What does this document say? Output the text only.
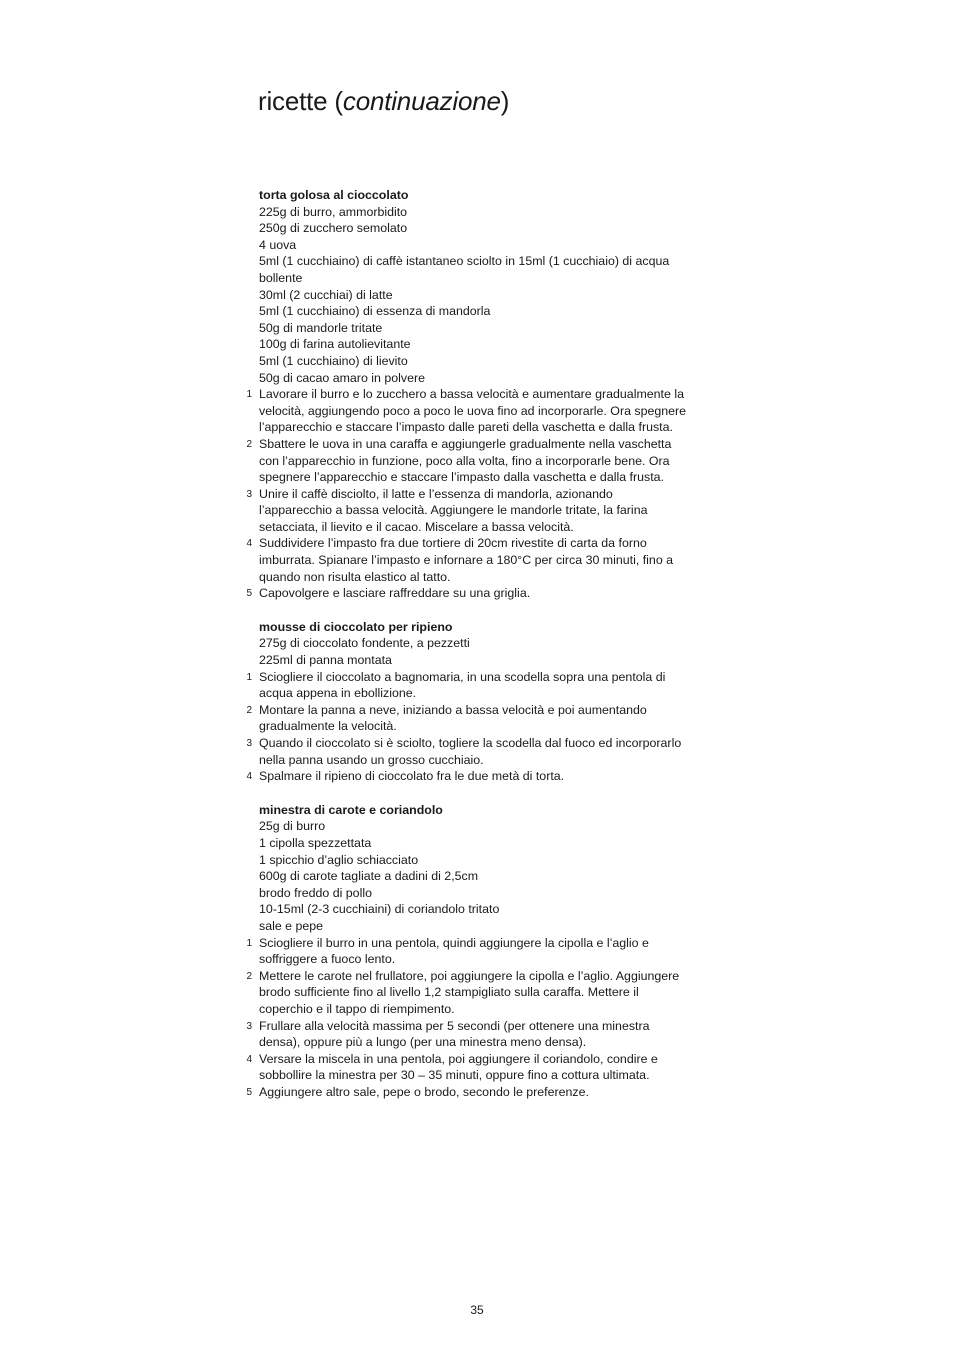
ricette (continuazione)
torta golosa al cioccolato
225g di burro, ammorbidito
250g di zucchero semolato
4 uova
5ml (1 cucchiaino) di caffè istantaneo sciolto in 15ml (1 cucchiaio) di acqua bollente
30ml (2 cucchiai) di latte
5ml (1 cucchiaino) di essenza di mandorla
50g di mandorle tritate
100g di farina autolievitante
5ml (1 cucchiaino) di lievito
50g di cacao amaro in polvere
1 Lavorare il burro e lo zucchero a bassa velocità e aumentare gradualmente la velocità, aggiungendo poco a poco le uova fino ad incorporarle. Ora spegnere l’apparecchio e staccare l’impasto dalle pareti della vaschetta e dalla frusta.
2 Sbattere le uova in una caraffa e aggiungerle gradualmente nella vaschetta con l’apparecchio in funzione, poco alla volta, fino a incorporarle bene. Ora spegnere l’apparecchio e staccare l’impasto dalla vaschetta e dalla frusta.
3 Unire il caffè disciolto, il latte e l’essenza di mandorla, azionando l’apparecchio a bassa velocità. Aggiungere le mandorle tritate, la farina setacciata, il lievito e il cacao. Miscelare a bassa velocità.
4 Suddividere l’impasto fra due tortiere di 20cm rivestite di carta da forno imburrata. Spianare l’impasto e infornare a 180°C per circa 30 minuti, fino a quando non risulta elastico al tatto.
5 Capovolgere e lasciare raffreddare su una griglia.
mousse di cioccolato per ripieno
275g di cioccolato fondente, a pezzetti
225ml di panna montata
1 Sciogliere il cioccolato a bagnomaria, in una scodella sopra una pentola di acqua appena in ebollizione.
2 Montare la panna a neve, iniziando a bassa velocità e poi aumentando gradualmente la velocità.
3 Quando il cioccolato si è sciolto, togliere la scodella dal fuoco ed incorporarlo nella panna usando un grosso cucchiaio.
4 Spalmare il ripieno di cioccolato fra le due metà di torta.
minestra di carote e coriandolo
25g di burro
1 cipolla spezzettata
1 spicchio d’aglio schiacciato
600g di carote tagliate a dadini di 2,5cm
brodo freddo di pollo
10-15ml (2-3 cucchiaini) di coriandolo tritato
sale e pepe
1 Sciogliere il burro in una pentola, quindi aggiungere la cipolla e l’aglio e soffriggere a fuoco lento.
2 Mettere le carote nel frullatore, poi aggiungere la cipolla e l’aglio. Aggiungere brodo sufficiente fino al livello 1,2 stampigliato sulla caraffa. Mettere il coperchio e il tappo di riempimento.
3 Frullare alla velocità massima per 5 secondi (per ottenere una minestra densa), oppure più a lungo (per una minestra meno densa).
4 Versare la miscela in una pentola, poi aggiungere il coriandolo, condire e sobbollire la minestra per 30 – 35 minuti, oppure fino a cottura ultimata.
5 Aggiungere altro sale, pepe o brodo, secondo le preferenze.
35
